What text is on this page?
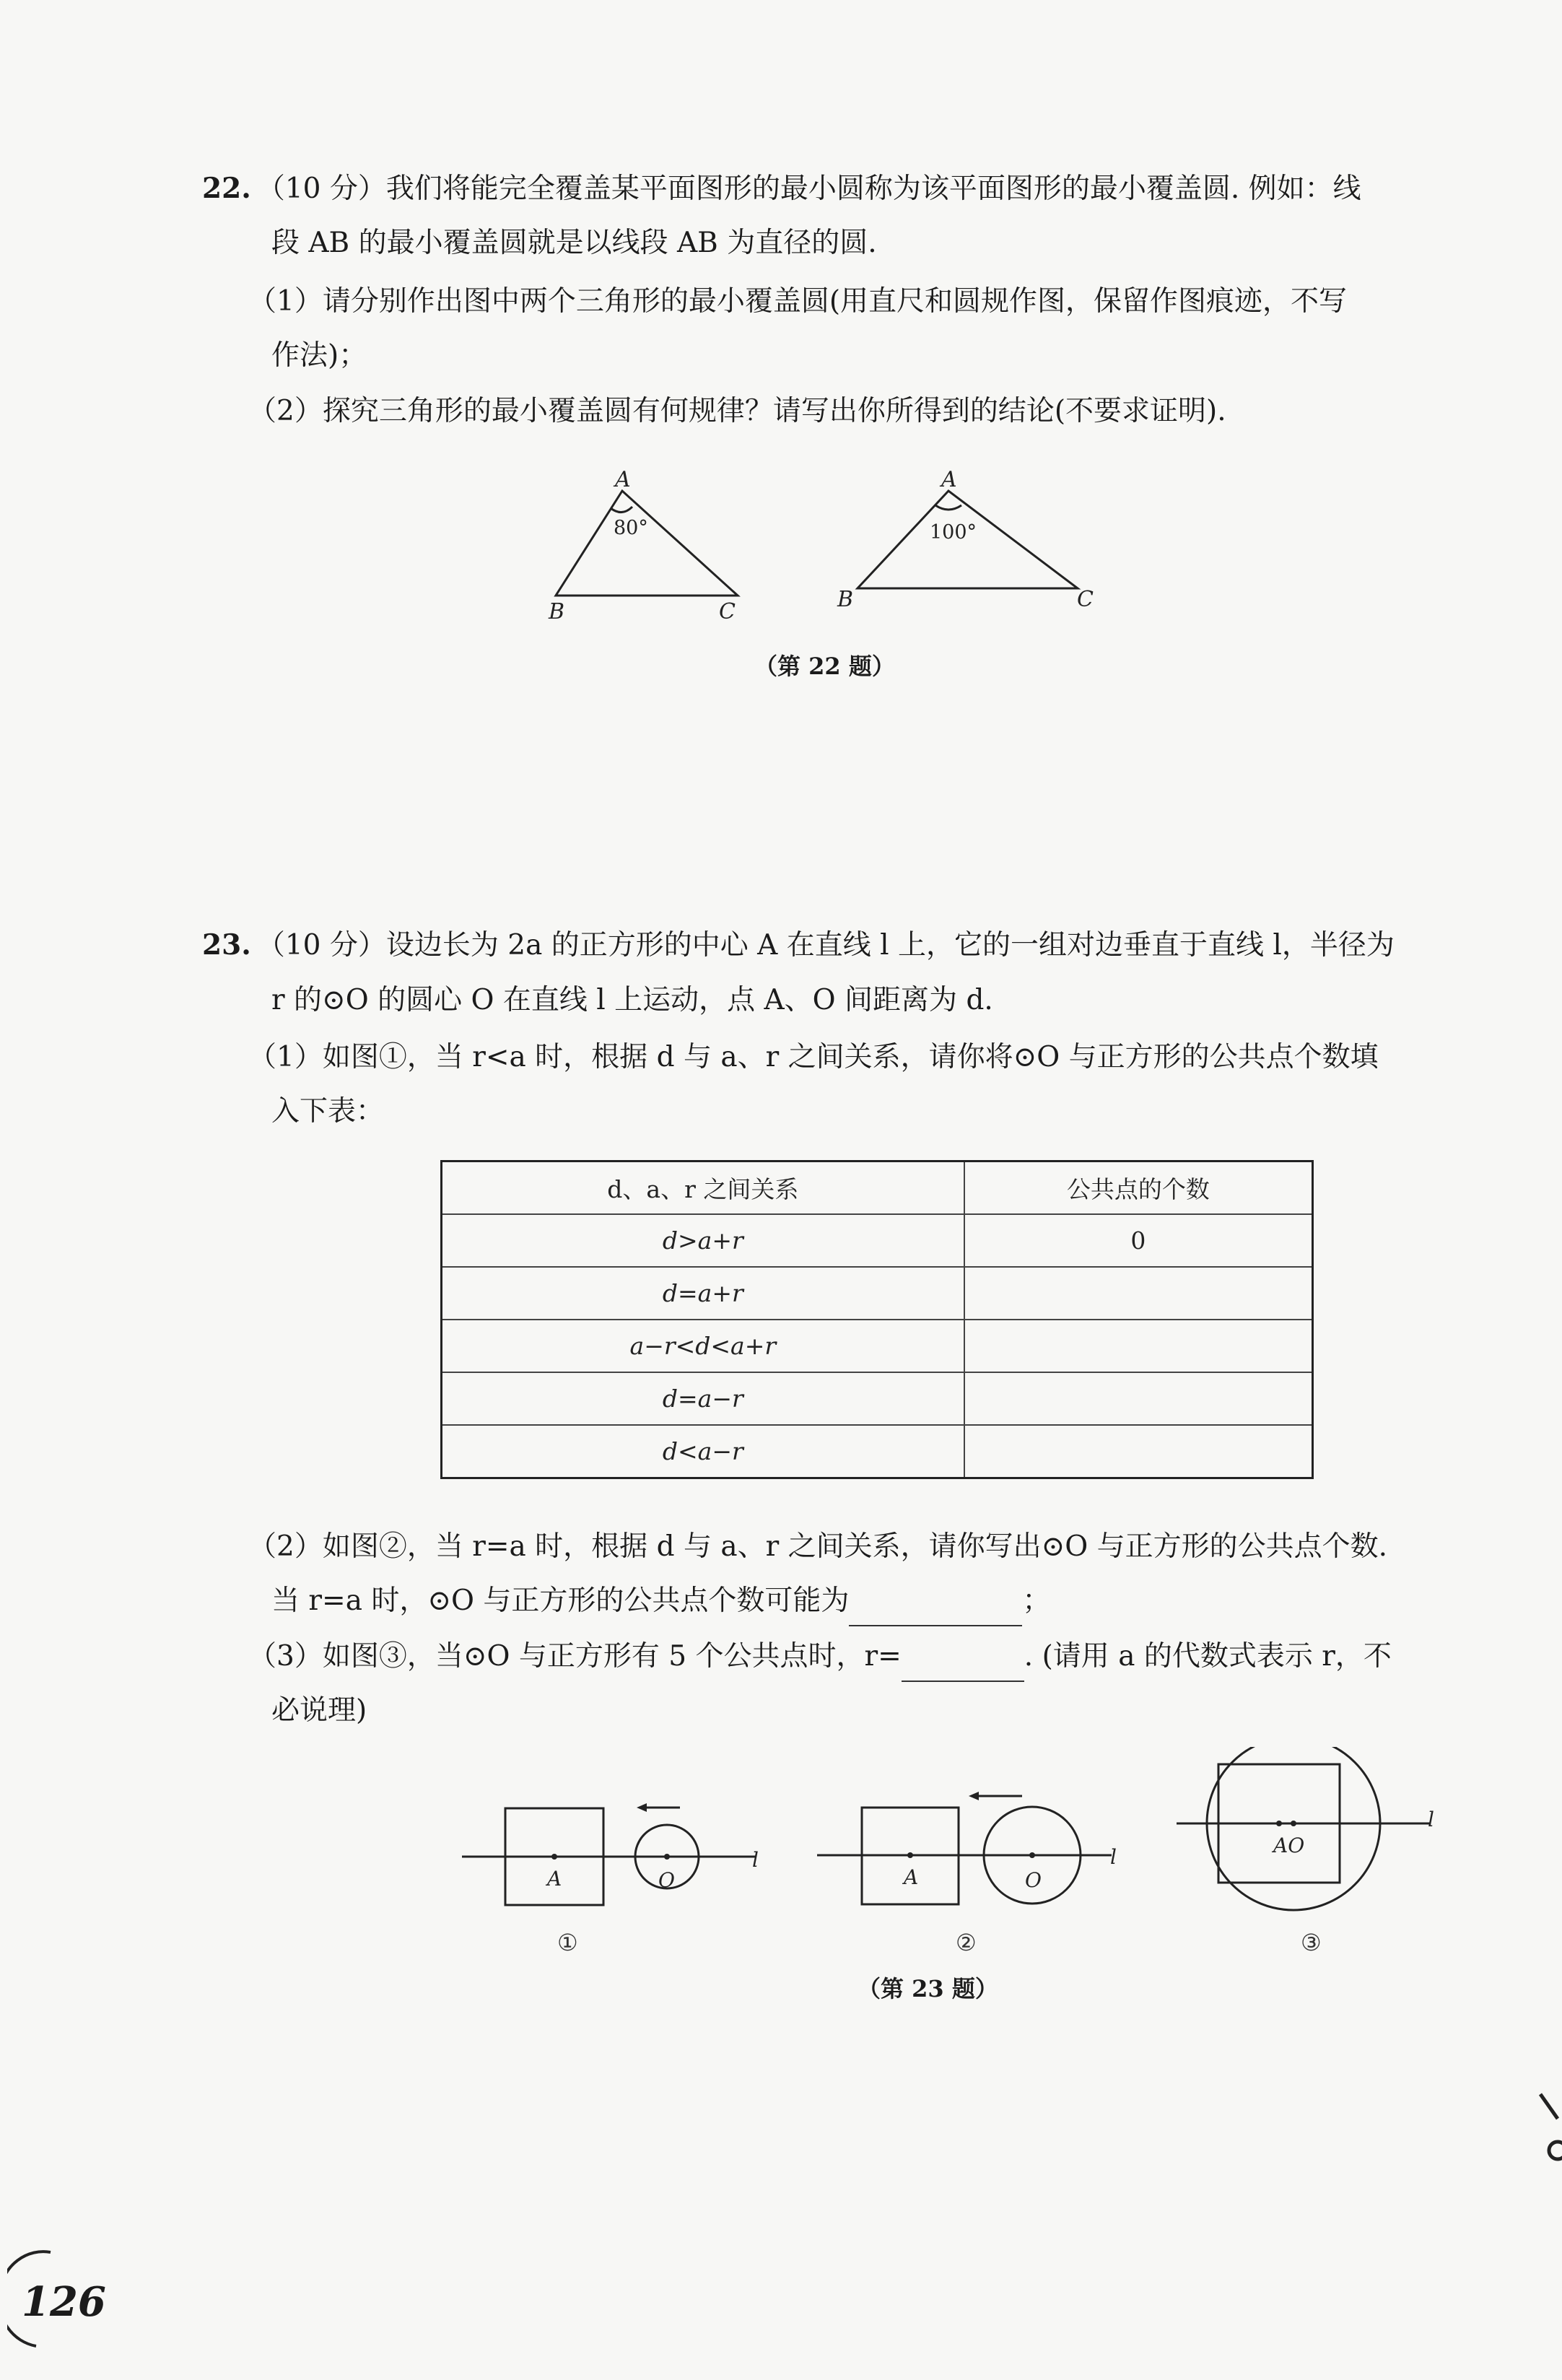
22. （10 分）我们将能完全覆盖某平面图形的最小圆称为该平面图形的最小覆盖圆. 例如：线
段 AB 的最小覆盖圆就是以线段 AB 为直径的圆.
（1）请分别作出图中两个三角形的最小覆盖圆(用直尺和圆规作图，保留作图痕迹，不写
作法)；
（2）探究三角形的最小覆盖圆有何规律？请写出你所得到的结论(不要求证明).
A
B	C
A
B	C
80°	100°
（第 22 题）
23. （10 分）设边长为 2a 的正方形的中心 A 在直线 l 上，它的一组对边垂直于直线 l，半径为
r 的⊙O 的圆心 O 在直线 l 上运动，点 A、O 间距离为 d.
（1）如图①，当 r<a 时，根据 d 与 a、r 之间关系，请你将⊙O 与正方形的公共点个数填
入下表：
d、a、r 之间关系	公共点的个数
d>a+r	0
d=a+r	
a−r<d<a+r	
d=a−r	
d<a−r	
（2）如图②，当 r=a 时，根据 d 与 a、r 之间关系，请你写出⊙O 与正方形的公共点个数.
当 r=a 时，⊙O 与正方形的公共点个数可能为	；
（3）如图③，当⊙O 与正方形有 5 个公共点时，r=	. (请用 a 的代数式表示 r，不
必说理)
A	O
l
A	O
l	AO
l
①	②	③
（第 23 题）
126
